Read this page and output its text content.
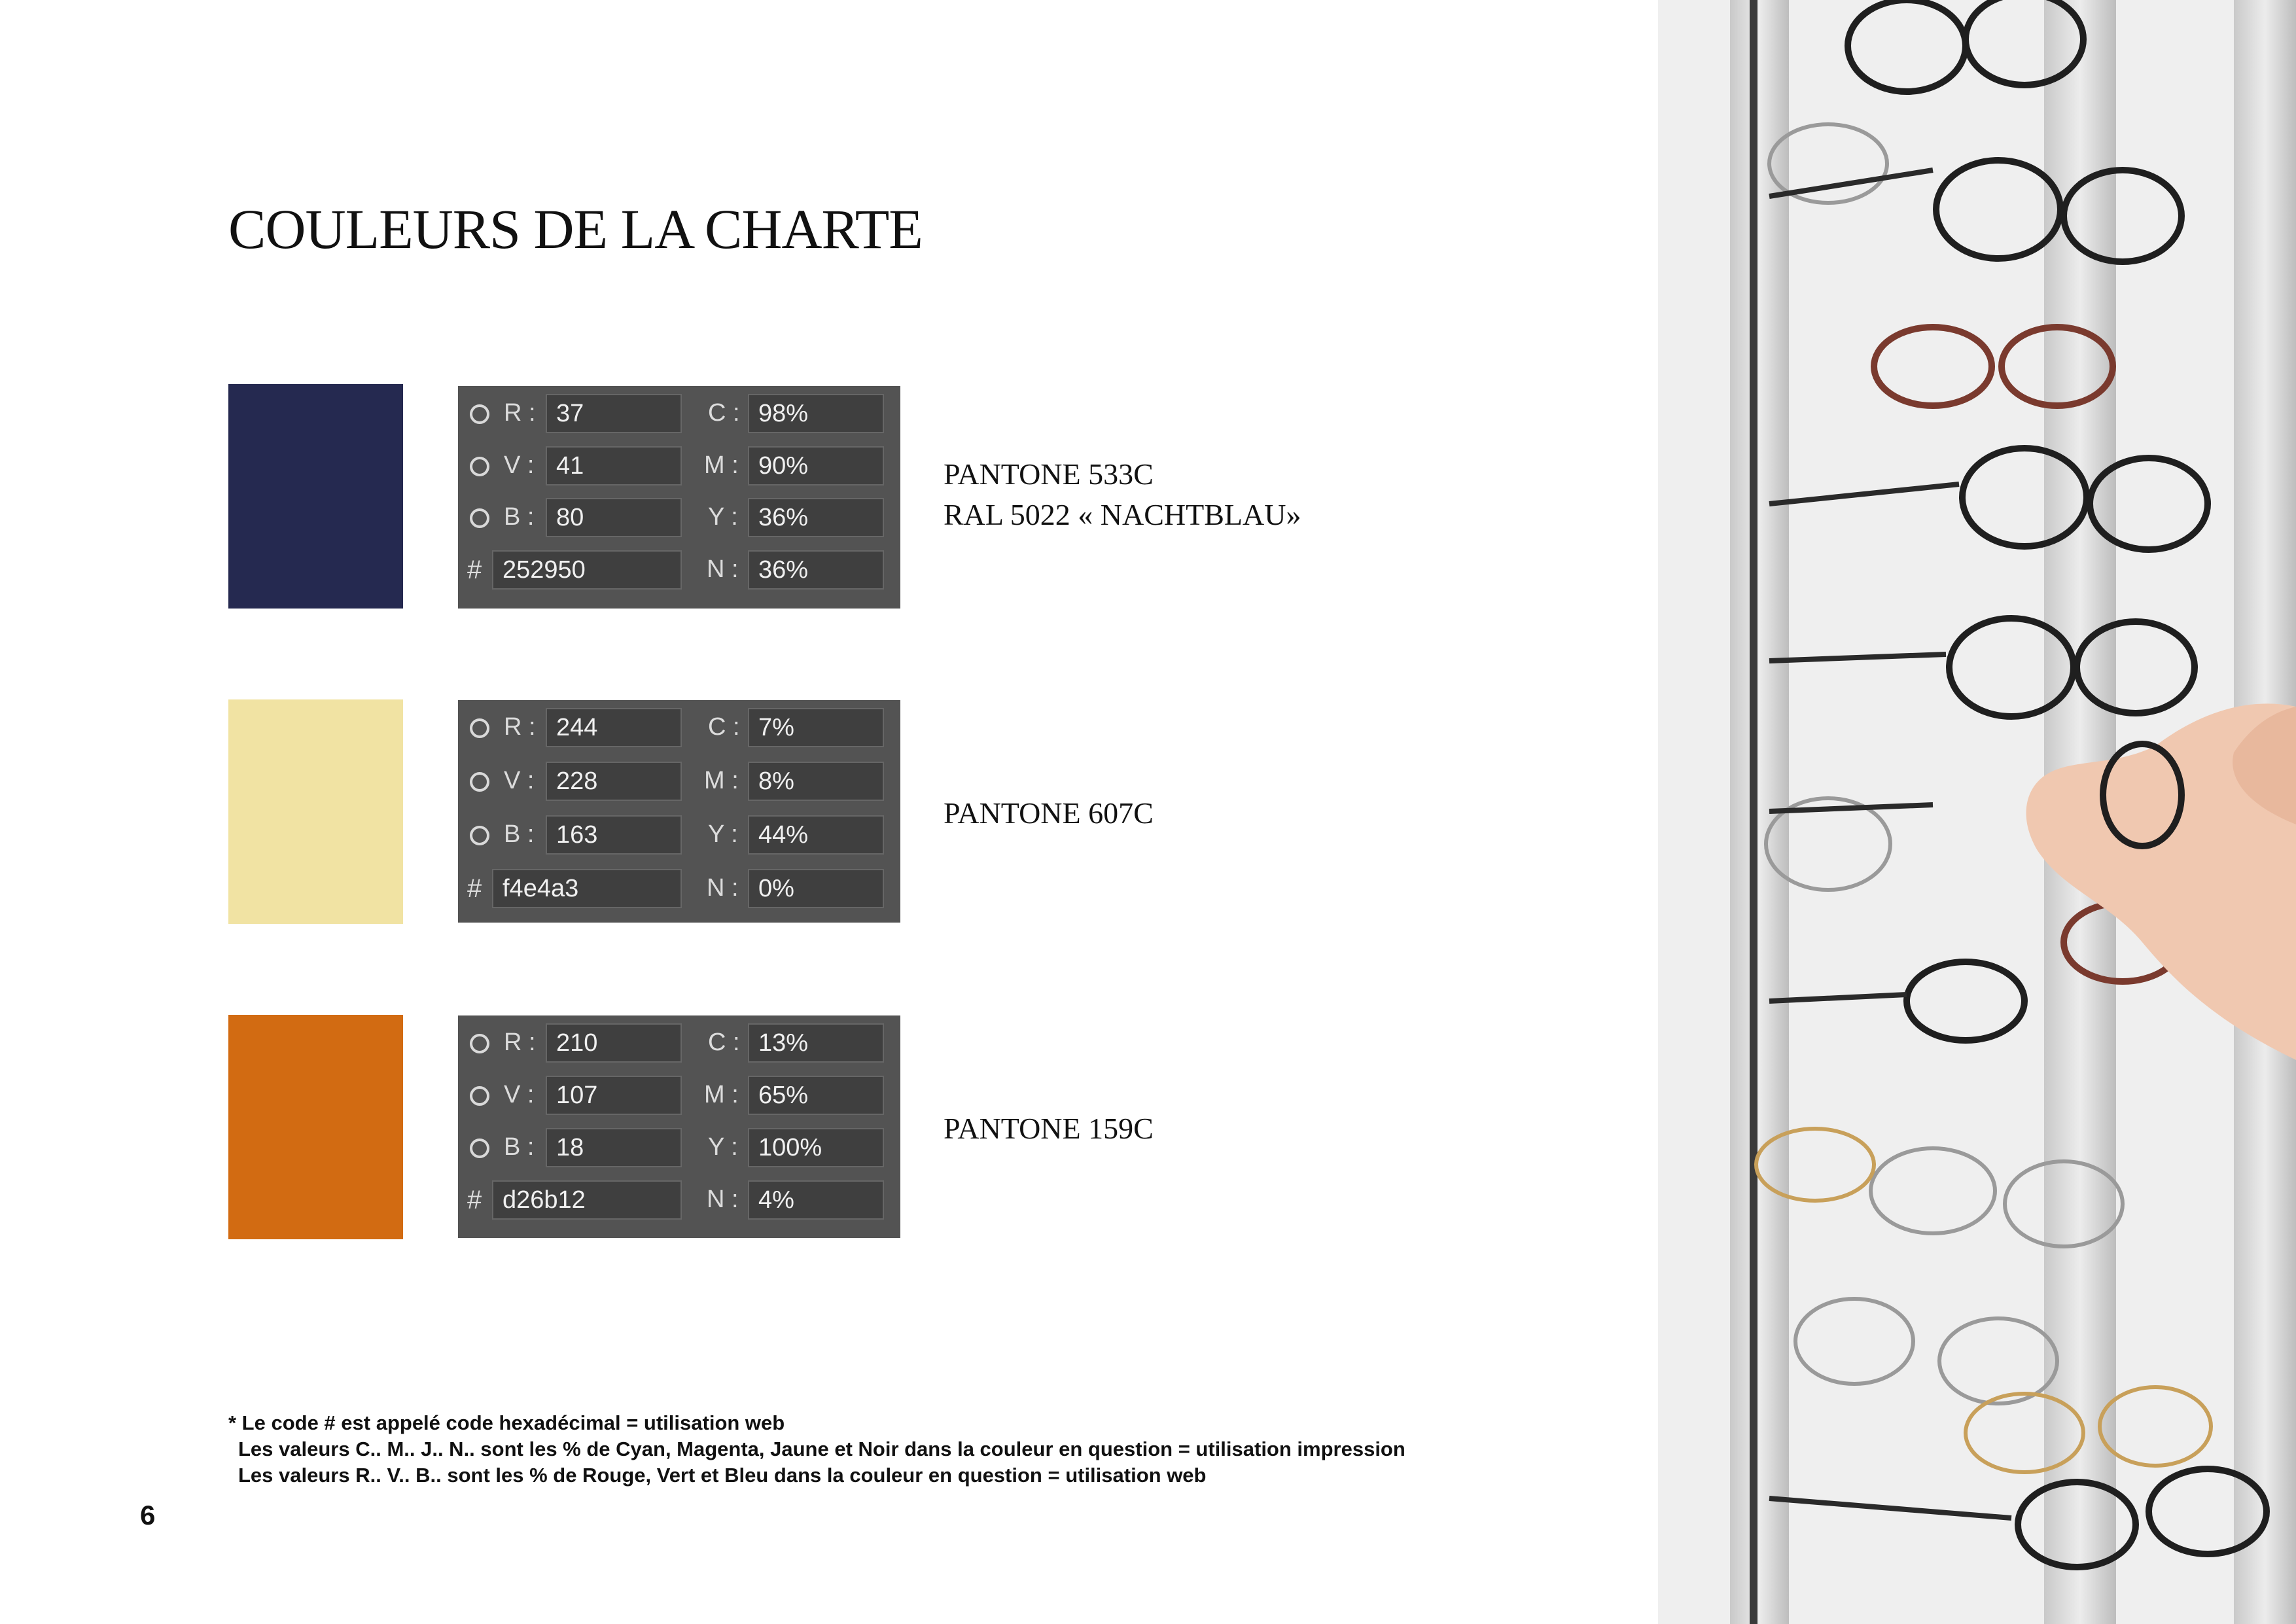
COULEURS DE LA CHARTE
R : 37	C : 98%
V : 41	M : 90%
B : 80	Y : 36%
# 252950	N : 36%
PANTONE 533C
RAL 5022 « NACHTBLAU»
R : 244	C : 7%
V : 228	M : 8%
B : 163	Y : 44%
# f4e4a3	N : 0%
PANTONE 607C
R : 210	C : 13%
V : 107	M : 65%
B : 18	Y : 100%
# d26b12	N : 4%
PANTONE 159C
* Le code # est appelé code hexadécimal = utilisation web
Les valeurs C.. M.. J.. N.. sont les % de Cyan, Magenta, Jaune et Noir dans la couleur en question = utilisation impression
Les valeurs R.. V.. B.. sont les % de Rouge, Vert et Bleu dans la couleur en question = utilisation web
6
